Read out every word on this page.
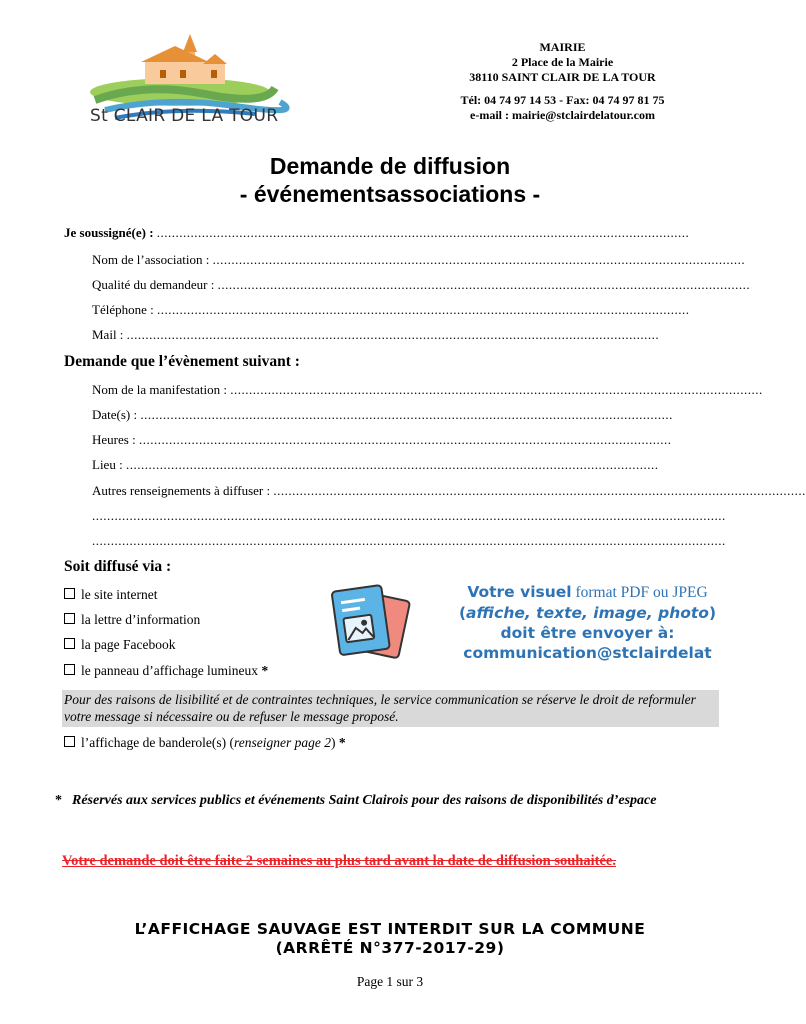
St CLAIR DE LA TOUR
MAIRIE
2 Place de la Mairie
38110 SAINT CLAIR DE LA TOUR
Tél: 04 74 97 14 53 - Fax: 04 74 97 81 75
e-mail : mairie@stclairdelatour.com
Demande de diffusion
- événementsassociations -
Je soussigné(e) : ..............................................................................................................................................
Nom de l’association : ..............................................................................................................................................
Qualité du demandeur : ..............................................................................................................................................
Téléphone : ..............................................................................................................................................
Mail : ..............................................................................................................................................
Demande que l’évènement suivant :
Nom de la manifestation : ..............................................................................................................................................
Date(s) : ..............................................................................................................................................
Heures : ..............................................................................................................................................
Lieu : ..............................................................................................................................................
Autres renseignements à diffuser : ..............................................................................................................................................
.........................................................................................................................................................................
.........................................................................................................................................................................
Soit diffusé via :
le site internet
la lettre d’information
la page Facebook
le panneau d’affichage lumineux *
Votre visuel format PDF ou JPEG
(affiche, texte, image, photo)
doit être envoyer à:
communication@stclairdelat
Pour des raisons de lisibilité et de contraintes techniques, le service communication se réserve le droit de reformuler votre message si nécessaire ou de refuser le message proposé.
l’affichage de banderole(s) (renseigner page 2) *
* Réservés aux services publics et événements Saint Clairois pour des raisons de disponibilités d’espace
Votre demande doit être faite 2 semaines au plus tard avant la date de diffusion souhaitée.
L’AFFICHAGE SAUVAGE EST INTERDIT SUR LA COMMUNE
(ARRÊTÉ N°377-2017-29)
Page 1 sur 3
